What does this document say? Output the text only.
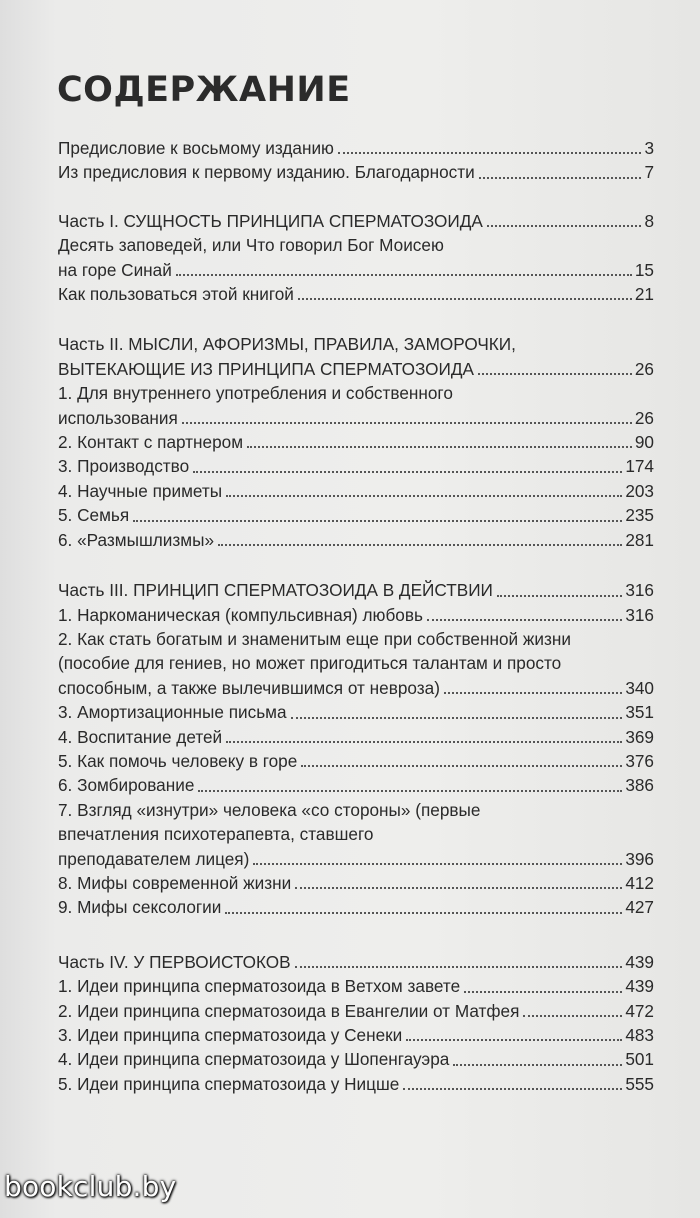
СОДЕРЖАНИЕ
Предисловие к восьмому изданию	3
Из предисловия к первому изданию. Благодарности	7
Часть I. СУЩНОСТЬ ПРИНЦИПА СПЕРМАТОЗОИДА	8
Десять заповедей, или Что говорил Бог Моисею
на горе Синай	15
Как пользоваться этой книгой	21
Часть II. МЫСЛИ, АФОРИЗМЫ, ПРАВИЛА, ЗАМОРОЧКИ,
ВЫТЕКАЮЩИЕ ИЗ ПРИНЦИПА СПЕРМАТОЗОИДА	26
1. Для внутреннего употребления и собственного
использования	26
2. Контакт с партнером	90
3. Производство	174
4. Научные приметы	203
5. Семья	235
6. «Размышлизмы»	281
Часть III. ПРИНЦИП СПЕРМАТОЗОИДА В ДЕЙСТВИИ	316
1. Наркоманическая (компульсивная) любовь	316
2. Как стать богатым и знаменитым еще при собственной жизни
(пособие для гениев, но может пригодиться талантам и просто
способным, а также вылечившимся от невроза)	340
3. Амортизационные письма	351
4. Воспитание детей	369
5. Как помочь человеку в горе	376
6. Зомбирование	386
7. Взгляд «изнутри» человека «со стороны» (первые
впечатления психотерапевта, ставшего
преподавателем лицея)	396
8. Мифы современной жизни	412
9. Мифы сексологии	427
Часть IV. У ПЕРВОИСТОКОВ	439
1. Идеи принципа сперматозоида в Ветхом завете	439
2. Идеи принципа сперматозоида в Евангелии от Матфея	472
3. Идеи принципа сперматозоида у Сенеки	483
4. Идеи принципа сперматозоида у Шопенгауэра	501
5. Идеи принципа сперматозоида у Ницше	555
bookclub.by
